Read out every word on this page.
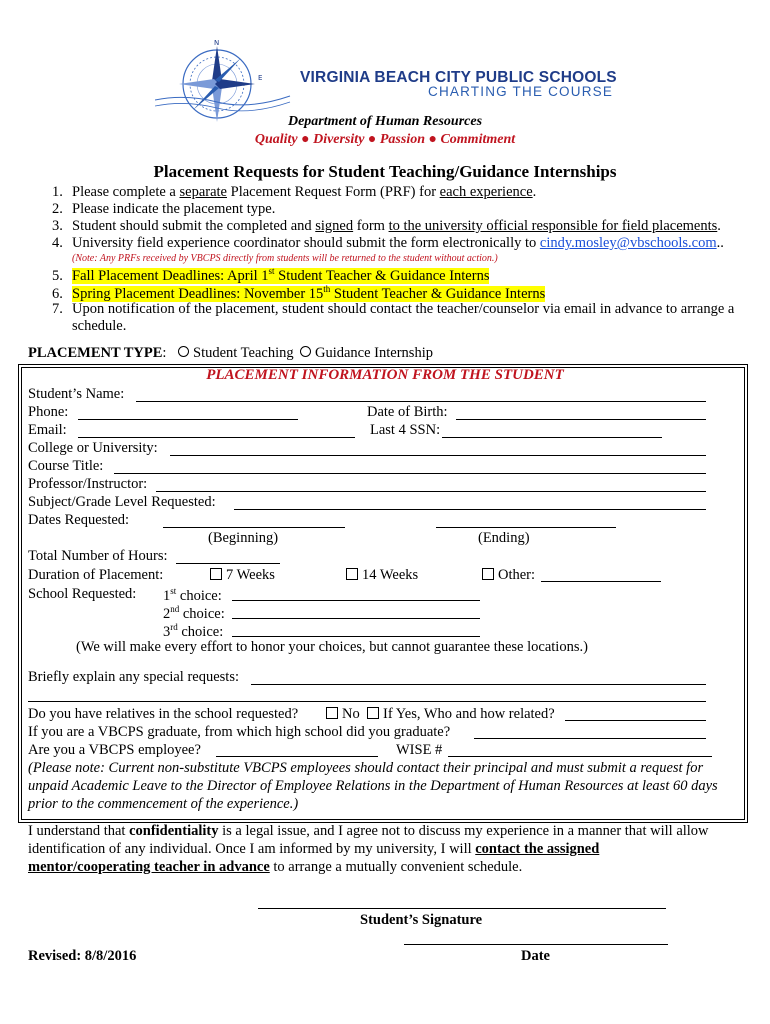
N
E VIRGINIA BEACH CITY PUBLIC SCHOOLS
CHARTING THE COURSE
Department of Human Resources
Quality ● Diversity ● Passion ● Commitment
Placement Requests for Student Teaching/Guidance Internships
1. Please complete a separate Placement Request Form (PRF) for each experience.
2. Please indicate the placement type.
3. Student should submit the completed and signed form to the university official responsible for field placements.
4. University field experience coordinator should submit the form electronically to cindy.mosley@vbschools.com..
(Note: Any PRFs received by VBCPS directly from students will be returned to the student without action.)
5. Fall Placement Deadlines: April 1st Student Teacher & Guidance Interns
6. Spring Placement Deadlines: November 15th Student Teacher & Guidance Interns
7. Upon notification of the placement, student should contact the teacher/counselor via email in advance to arrange a
schedule.
PLACEMENT TYPE:	Student Teaching	Guidance Internship
PLACEMENT INFORMATION FROM THE STUDENT
Student’s Name:
Phone:	Date of Birth:
Email:	Last 4 SSN:
College or University:
Course Title:
Professor/Instructor:
Subject/Grade Level Requested:
Dates Requested:
(Beginning)	(Ending)
Total Number of Hours:
Duration of Placement:	7 Weeks	14 Weeks	Other:
School Requested: 1st choice:
2nd choice:
3rd choice:
(We will make every effort to honor your choices, but cannot guarantee these locations.)
Briefly explain any special requests:
Do you have relatives in the school requested?	No	If Yes, Who and how related?
If you are a VBCPS graduate, from which high school did you graduate?
Are you a VBCPS employee?	WISE #
(Please note: Current non-substitute VBCPS employees should contact their principal and must submit a request for
unpaid Academic Leave to the Director of Employee Relations in the Department of Human Resources at least 60 days
prior to the commencement of the experience.)
I understand that confidentiality is a legal issue, and I agree not to discuss my experience in a manner that will allow
identification of any individual. Once I am informed by my university, I will contact the assigned
mentor/cooperating teacher in advance to arrange a mutually convenient schedule.
Student’s Signature
Date
Revised: 8/8/2016
